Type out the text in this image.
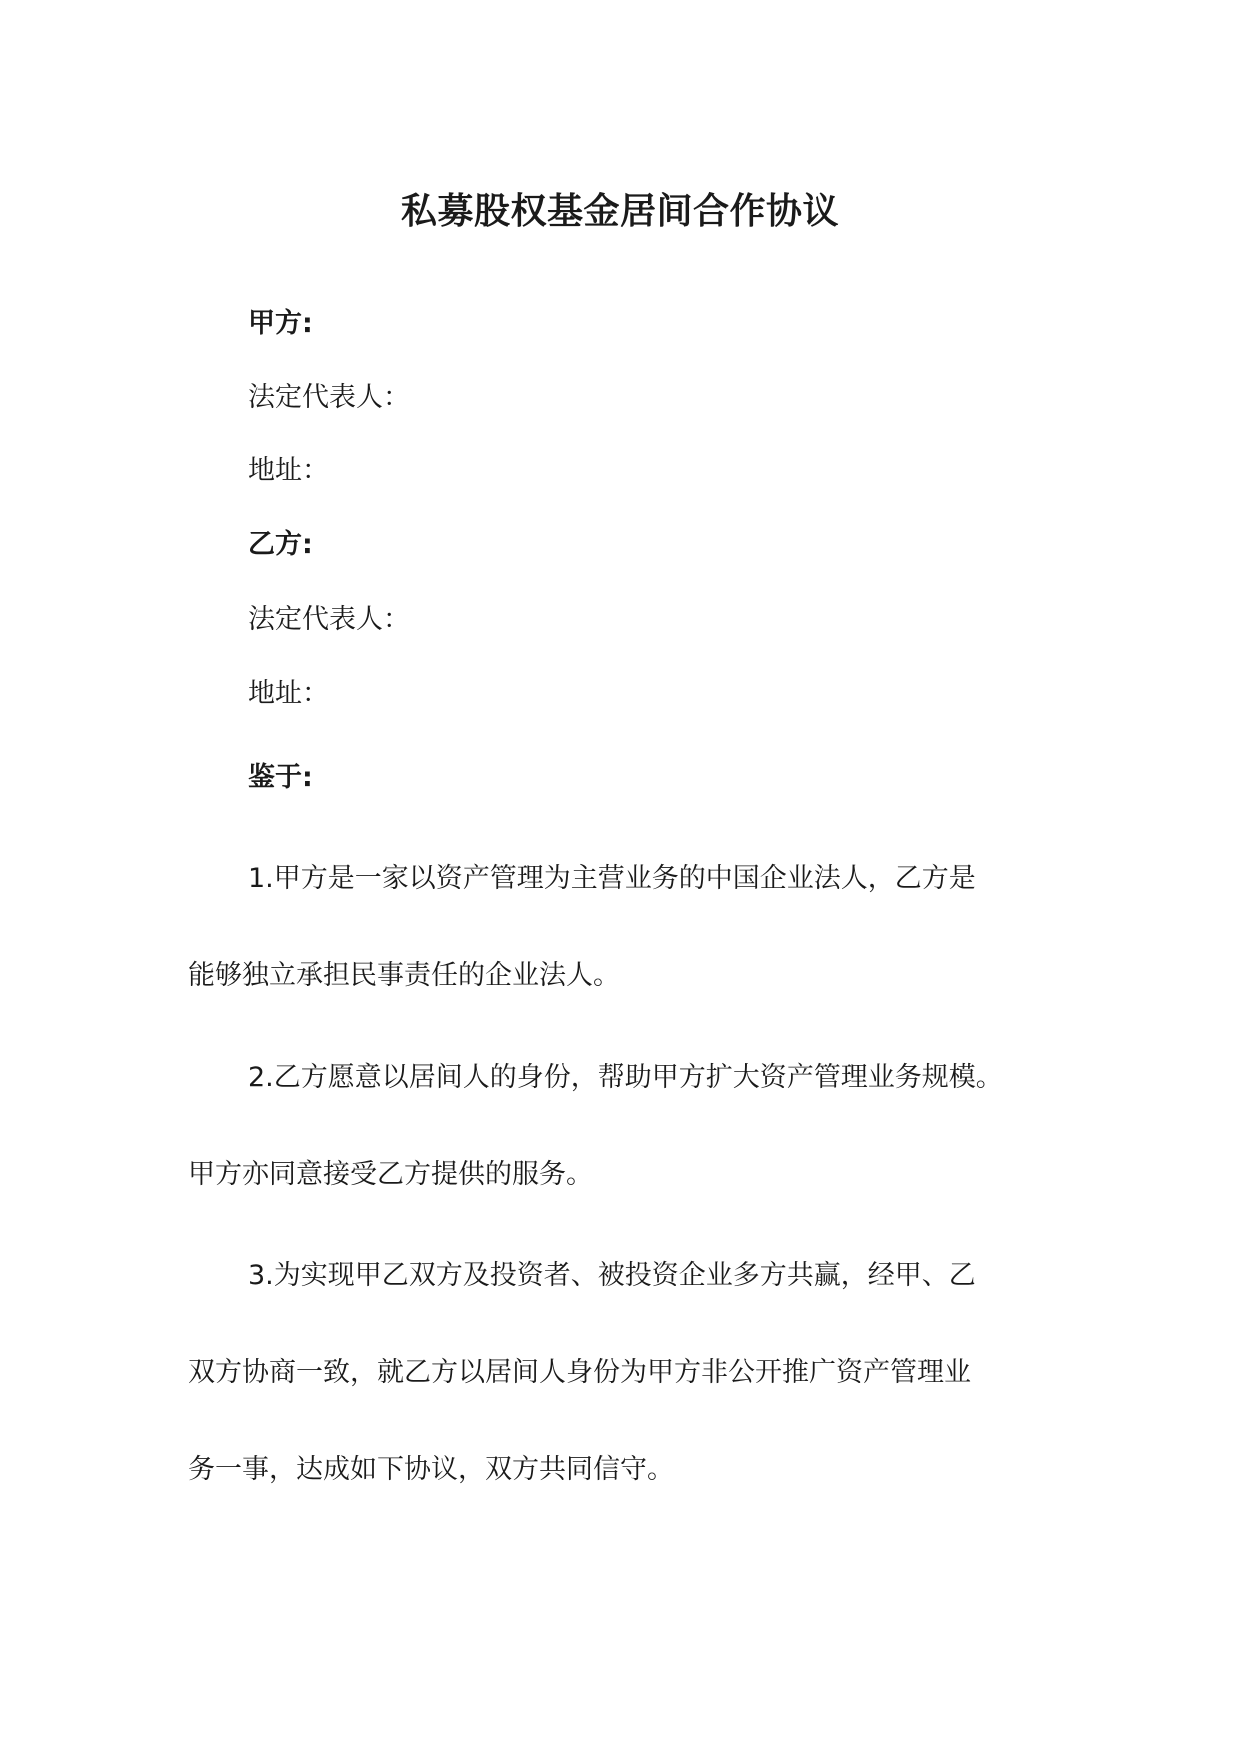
私募股权基金居间合作协议
甲方:
法定代表人：
地址：
乙方:
法定代表人：
地址：
鉴于:
1.甲方是一家以资产管理为主营业务的中国企业法人，乙方是
能够独立承担民事责任的企业法人。
2.乙方愿意以居间人的身份，帮助甲方扩大资产管理业务规模。
甲方亦同意接受乙方提供的服务。
3.为实现甲乙双方及投资者、被投资企业多方共赢，经甲、乙
双方协商一致，就乙方以居间人身份为甲方非公开推广资产管理业
务一事，达成如下协议，双方共同信守。
